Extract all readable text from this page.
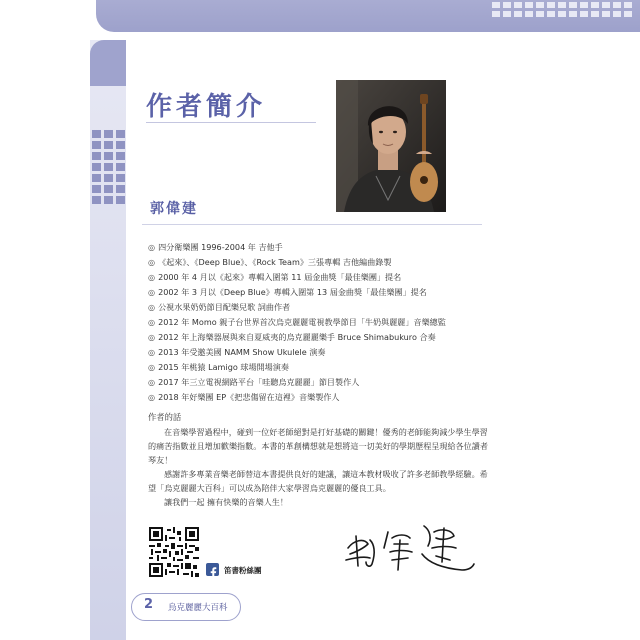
作者簡介
郭偉建
◎ 四分衛樂團 1996-2004 年 吉他手
◎ 《起來》、《Deep Blue》、《Rock Team》三張專輯 吉他編曲錄製
◎ 2000 年 4 月以《起來》專輯入圍第 11 屆金曲獎「最佳樂團」提名
◎ 2002 年 3 月以《Deep Blue》專輯入圍第 13 屆金曲獎「最佳樂團」提名
◎ 公視水果奶奶節目配樂兒歌 詞曲作者
◎ 2012 年 Momo 親子台世界首次烏克麗麗電視教學節目「牛奶與麗麗」音樂總監
◎ 2012 年上海樂器展與來自夏威夷的烏克麗麗樂手 Bruce Shimabukuro 合奏
◎ 2013 年受邀美國 NAMM Show Ukulele 演奏
◎ 2015 年桃猿 Lamigo 球場開場演奏
◎ 2017 年三立電視網路平台「哇聽烏克麗麗」節目製作人
◎ 2018 年好樂團 EP《把悲傷留在這裡》音樂製作人
作者的話

在音樂學習過程中，碰到一位好老師絕對是打好基礎的關鍵！優秀的老師能夠減少學生學習的痛苦指數並且增加歡樂指數。本書的革創構想就是想將這一切美好的學期歷程呈現給各位讀者琴友！

感謝許多專業音樂老師替這本書提供良好的建議，讓這本教材吸收了許多老師教學經驗。希望「烏克麗麗大百科」可以成為陪伴大家學習烏克麗麗的優良工具。

讓我們一起 擁有快樂的音樂人生！

笛書粉絲團
2 烏克麗麗大百科
